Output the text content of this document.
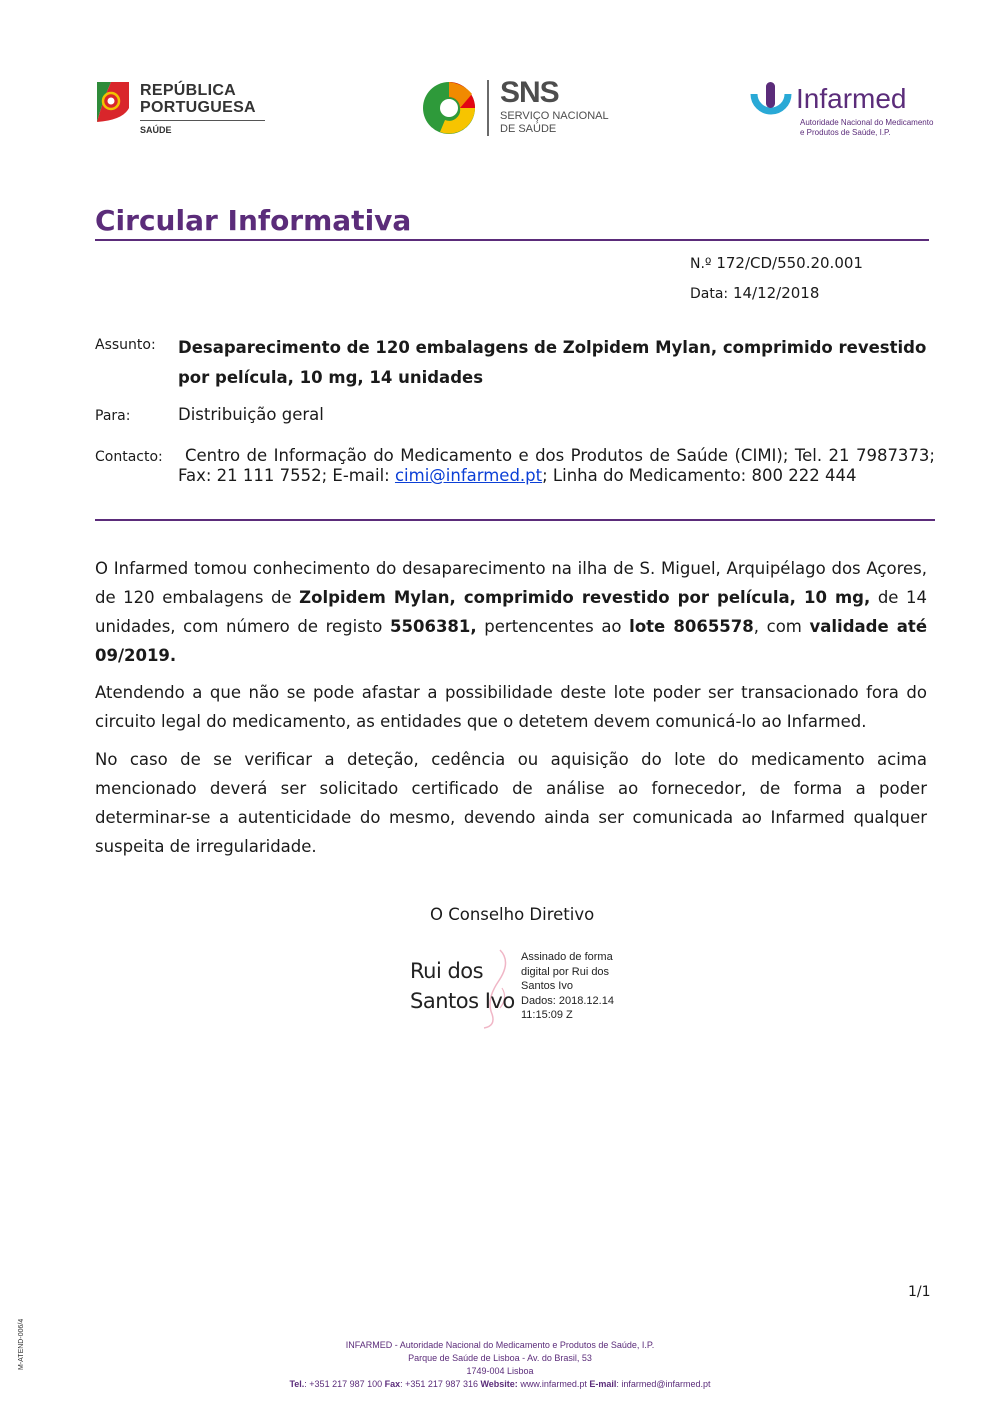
REPÚBLICA
PORTUGUESA
SAÚDE
SNS
SERVIÇO NACIONAL
DE SAÚDE
Infarmed
Autoridade Nacional do Medicamento
e Produtos de Saúde, I.P.
Circular Informativa
N.º 172/CD/550.20.001
Data: 14/12/2018
Assunto: Desaparecimento de 120 embalagens de Zolpidem Mylan, comprimido revestido por película, 10 mg, 14 unidades
Para:	Distribuição geral
Contacto:	Centro de Informação do Medicamento e dos Produtos de Saúde (CIMI); Tel. 21 7987373; Fax: 21 111 7552; E-mail: cimi@infarmed.pt; Linha do Medicamento: 800 222 444
O Infarmed tomou conhecimento do desaparecimento na ilha de S. Miguel, Arquipélago dos Açores, de 120 embalagens de Zolpidem Mylan, comprimido revestido por película, 10 mg, de 14 unidades, com número de registo 5506381, pertencentes ao lote 8065578, com validade até 09/2019.
Atendendo a que não se pode afastar a possibilidade deste lote poder ser transacionado fora do circuito legal do medicamento, as entidades que o detetem devem comunicá-lo ao Infarmed.
No caso de se verificar a deteção, cedência ou aquisição do lote do medicamento acima mencionado deverá ser solicitado certificado de análise ao fornecedor, de forma a poder determinar-se a autenticidade do mesmo, devendo ainda ser comunicada ao Infarmed qualquer suspeita de irregularidade.
O Conselho Diretivo
Rui dos
Santos Ivo
Assinado de forma
digital por Rui dos
Santos Ivo
Dados: 2018.12.14
11:15:09 Z
1/1
M-ATEND-006/4	INFARMED - Autoridade Nacional do Medicamento e Produtos de Saúde, I.P.
Parque de Saúde de Lisboa - Av. do Brasil, 53
1749-004 Lisboa
Tel.: +351 217 987 100 Fax: +351 217 987 316 Website: www.infarmed.pt E-mail: infarmed@infarmed.pt
